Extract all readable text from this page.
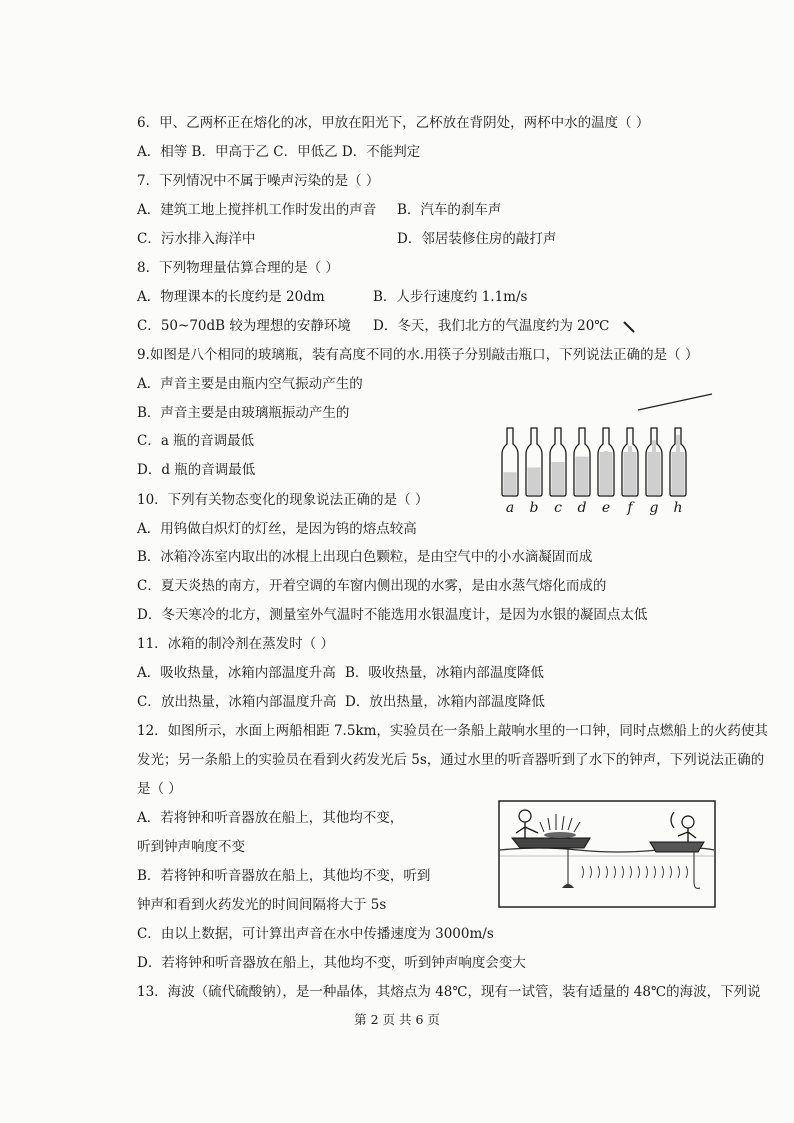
6．甲、乙两杯正在熔化的冰，甲放在阳光下，乙杯放在背阴处，两杯中水的温度（ ）
A．相等 B．甲高于乙 C．甲低乙 D．不能判定
7．下列情况中不属于噪声污染的是（ ）
A．建筑工地上搅拌机工作时发出的声音 B．汽车的刹车声
C．污水排入海洋中	D．邻居装修住房的敲打声
8．下列物理量估算合理的是（ ）
A．物理课本的长度约是 20dm	B．人步行速度约 1.1m/s
C．50~70dB 较为理想的安静环境 D．冬天，我们北方的气温度约为 20℃
9.如图是八个相同的玻璃瓶，装有高度不同的水.用筷子分别敲击瓶口，下列说法正确的是（ ）
A．声音主要是由瓶内空气振动产生的
B．声音主要是由玻璃瓶振动产生的
C．a 瓶的音调最低
D．d 瓶的音调最低
a b c d e f g h
10．下列有关物态变化的现象说法正确的是（ ）
A．用钨做白炽灯的灯丝，是因为钨的熔点较高
B．冰箱冷冻室内取出的冰棍上出现白色颗粒，是由空气中的小水滴凝固而成
C．夏天炎热的南方，开着空调的车窗内侧出现的水雾，是由水蒸气熔化而成的
D．冬天寒冷的北方，测量室外气温时不能选用水银温度计，是因为水银的凝固点太低
11．冰箱的制冷剂在蒸发时（ ）
A．吸收热量，冰箱内部温度升高 B．吸收热量，冰箱内部温度降低
C．放出热量，冰箱内部温度升高 D．放出热量，冰箱内部温度降低
12．如图所示，水面上两船相距 7.5km，实验员在一条船上敲响水里的一口钟，同时点燃船上的火药使其
发光；另一条船上的实验员在看到火药发光后 5s，通过水里的听音器听到了水下的钟声，下列说法正确的
是（ ）
A．若将钟和听音器放在船上，其他均不变，
听到钟声响度不变
B．若将钟和听音器放在船上，其他均不变，听到
钟声和看到火药发光的时间间隔将大于 5s
C．由以上数据，可计算出声音在水中传播速度为 3000m/s
D．若将钟和听音器放在船上，其他均不变，听到钟声响度会变大
13．海波（硫代硫酸钠），是一种晶体，其熔点为 48℃，现有一试管，装有适量的 48℃的海波，下列说
第 2 页 共 6 页
